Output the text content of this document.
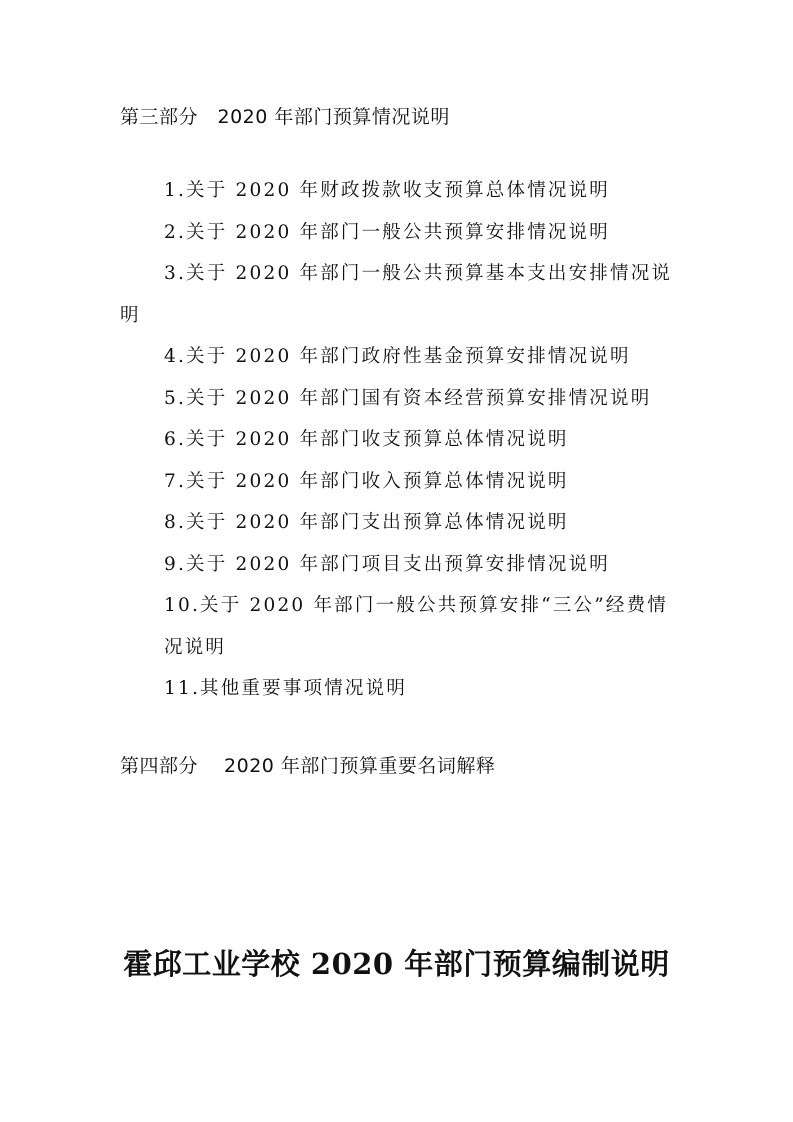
第三部分　2020 年部门预算情况说明
1.关于 2020 年财政拨款收支预算总体情况说明
2.关于 2020 年部门一般公共预算安排情况说明
3.关于 2020 年部门一般公共预算基本支出安排情况说明
4.关于 2020 年部门政府性基金预算安排情况说明
5.关于 2020 年部门国有资本经营预算安排情况说明
6.关于 2020 年部门收支预算总体情况说明
7.关于 2020 年部门收入预算总体情况说明
8.关于 2020 年部门支出预算总体情况说明
9.关于 2020 年部门项目支出预算安排情况说明
10.关于 2020 年部门一般公共预算安排“三公”经费情况说明
11.其他重要事项情况说明
第四部分　 2020 年部门预算重要名词解释
霍邱工业学校 2020 年部门预算编制说明
